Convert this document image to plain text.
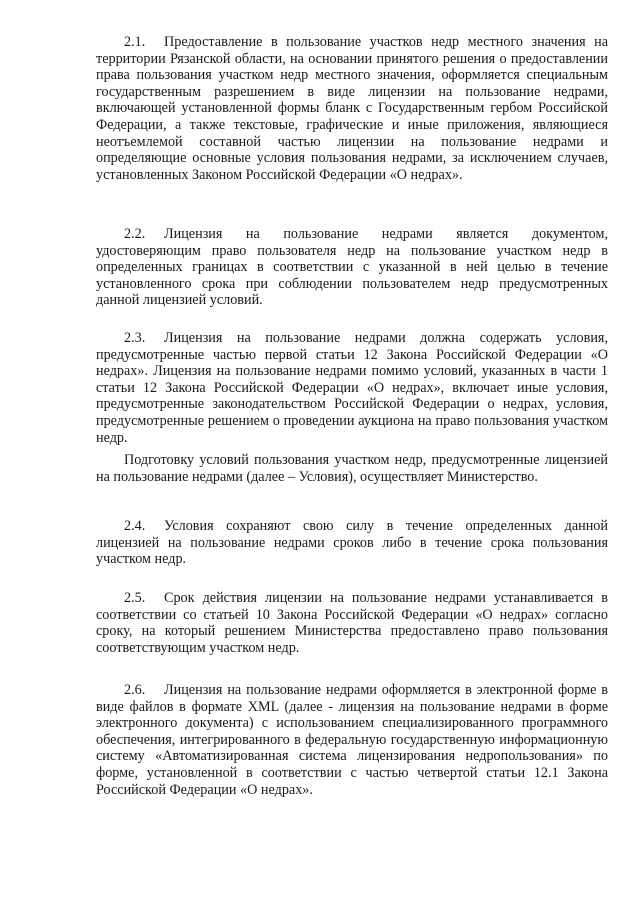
2.1. Предоставление в пользование участков недр местного значения на территории Рязанской области, на основании принятого решения о предоставлении права пользования участком недр местного значения, оформляется специальным государственным разрешением в виде лицензии на пользование недрами, включающей установленной формы бланк с Государственным гербом Российской Федерации, а также текстовые, графические и иные приложения, являющиеся неотъемлемой составной частью лицензии на пользование недрами и определяющие основные условия пользования недрами, за исключением случаев, установленных Законом Российской Федерации «О недрах».

2.2. Лицензия на пользование недрами является документом, удостоверяющим право пользователя недр на пользование участком недр в определенных границах в соответствии с указанной в ней целью в течение установленного срока при соблюдении пользователем недр предусмотренных данной лицензией условий.

2.3. Лицензия на пользование недрами должна содержать условия, предусмотренные частью первой статьи 12 Закона Российской Федерации «О недрах». Лицензия на пользование недрами помимо условий, указанных в части 1 статьи 12 Закона Российской Федерации «О недрах», включает иные условия, предусмотренные законодательством Российской Федерации о недрах, условия, предусмотренные решением о проведении аукциона на право пользования участком недр.

Подготовку условий пользования участком недр, предусмотренные лицензией на пользование недрами (далее – Условия), осуществляет Министерство.

2.4. Условия сохраняют свою силу в течение определенных данной лицензией на пользование недрами сроков либо в течение срока пользования участком недр.

2.5. Срок действия лицензии на пользование недрами устанавливается в соответствии со статьей 10 Закона Российской Федерации «О недрах» согласно сроку, на который решением Министерства предоставлено право пользования соответствующим участком недр.

2.6. Лицензия на пользование недрами оформляется в электронной форме в виде файлов в формате XML (далее - лицензия на пользование недрами в форме электронного документа) с использованием специализированного программного обеспечения, интегрированного в федеральную государственную информационную систему «Автоматизированная система лицензирования недропользования» по форме, установленной в соответствии с частью четвертой статьи 12.1 Закона Российской Федерации «О недрах».
